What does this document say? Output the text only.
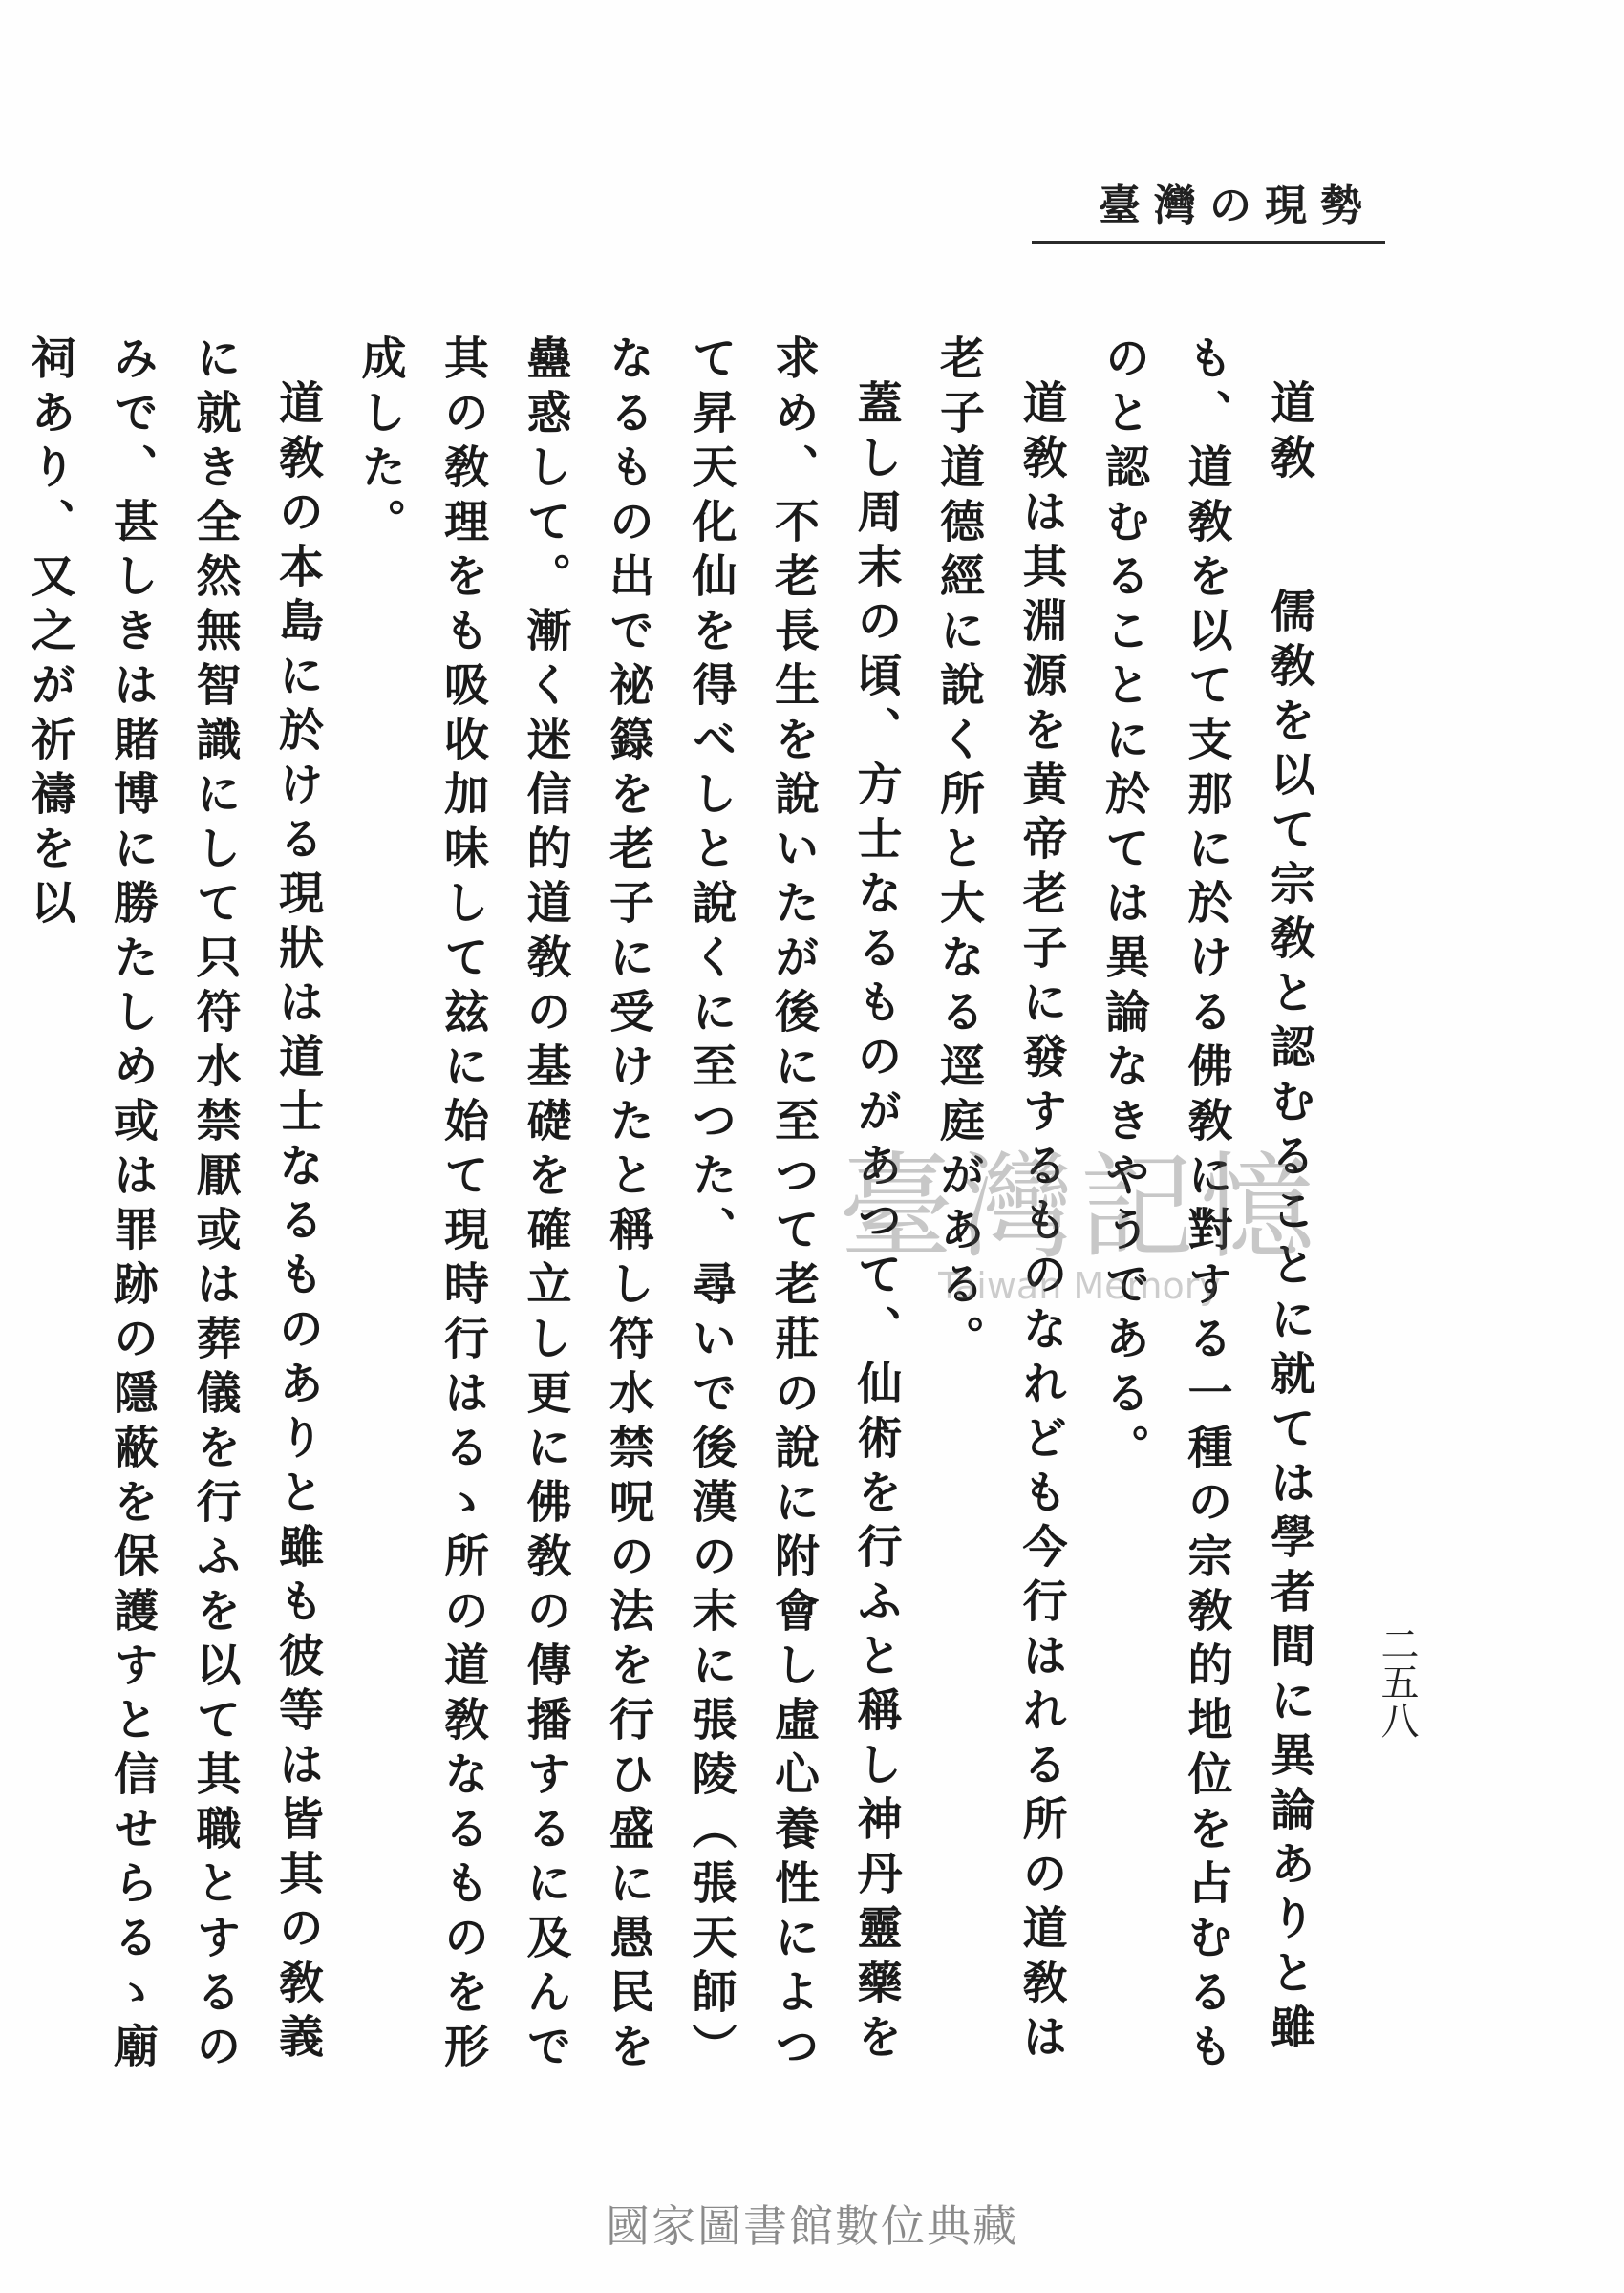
臺灣の現勢
二五八

道敎　儒敎を以て宗敎と認むることに就ては學者間に異論ありと雖も、道敎を以て支那に於ける佛敎に對する一種の宗敎的地位を占むるものと認むることに於ては異論なきやうである。

道敎は其淵源を黄帝老子に發するものなれども今行はれる所の道敎は老子道德經に說く所と大なる逕庭がある。

蓋し周末の頃、方士なるものがあつて、仙術を行ふと稱し神丹靈藥を求め、不老長生を說いたが後に至つて老莊の說に附會し虛心養性によつて昇天化仙を得べしと說くに至つた、尋いで後漢の末に張陵（張天師）なるもの出で祕籙を老子に受けたと稱し符水禁呪の法を行ひ盛に愚民を蠱惑して。漸く迷信的道敎の基礎を確立し更に佛敎の傳播するに及んで其の敎理をも吸收加味して玆に始て現時行はるゝ所の道敎なるものを形成した。

道敎の本島に於ける現狀は道士なるものありと雖も彼等は皆其の敎義に就き全然無智識にして只符水禁厭或は葬儀を行ふを以て其職とするのみで、甚しきは賭博に勝たしめ或は罪跡の隱蔽を保護すと信せらるゝ廟祠あり、又之が祈禱を以

臺灣記憶
Taiwan Memory
國家圖書館數位典藏
